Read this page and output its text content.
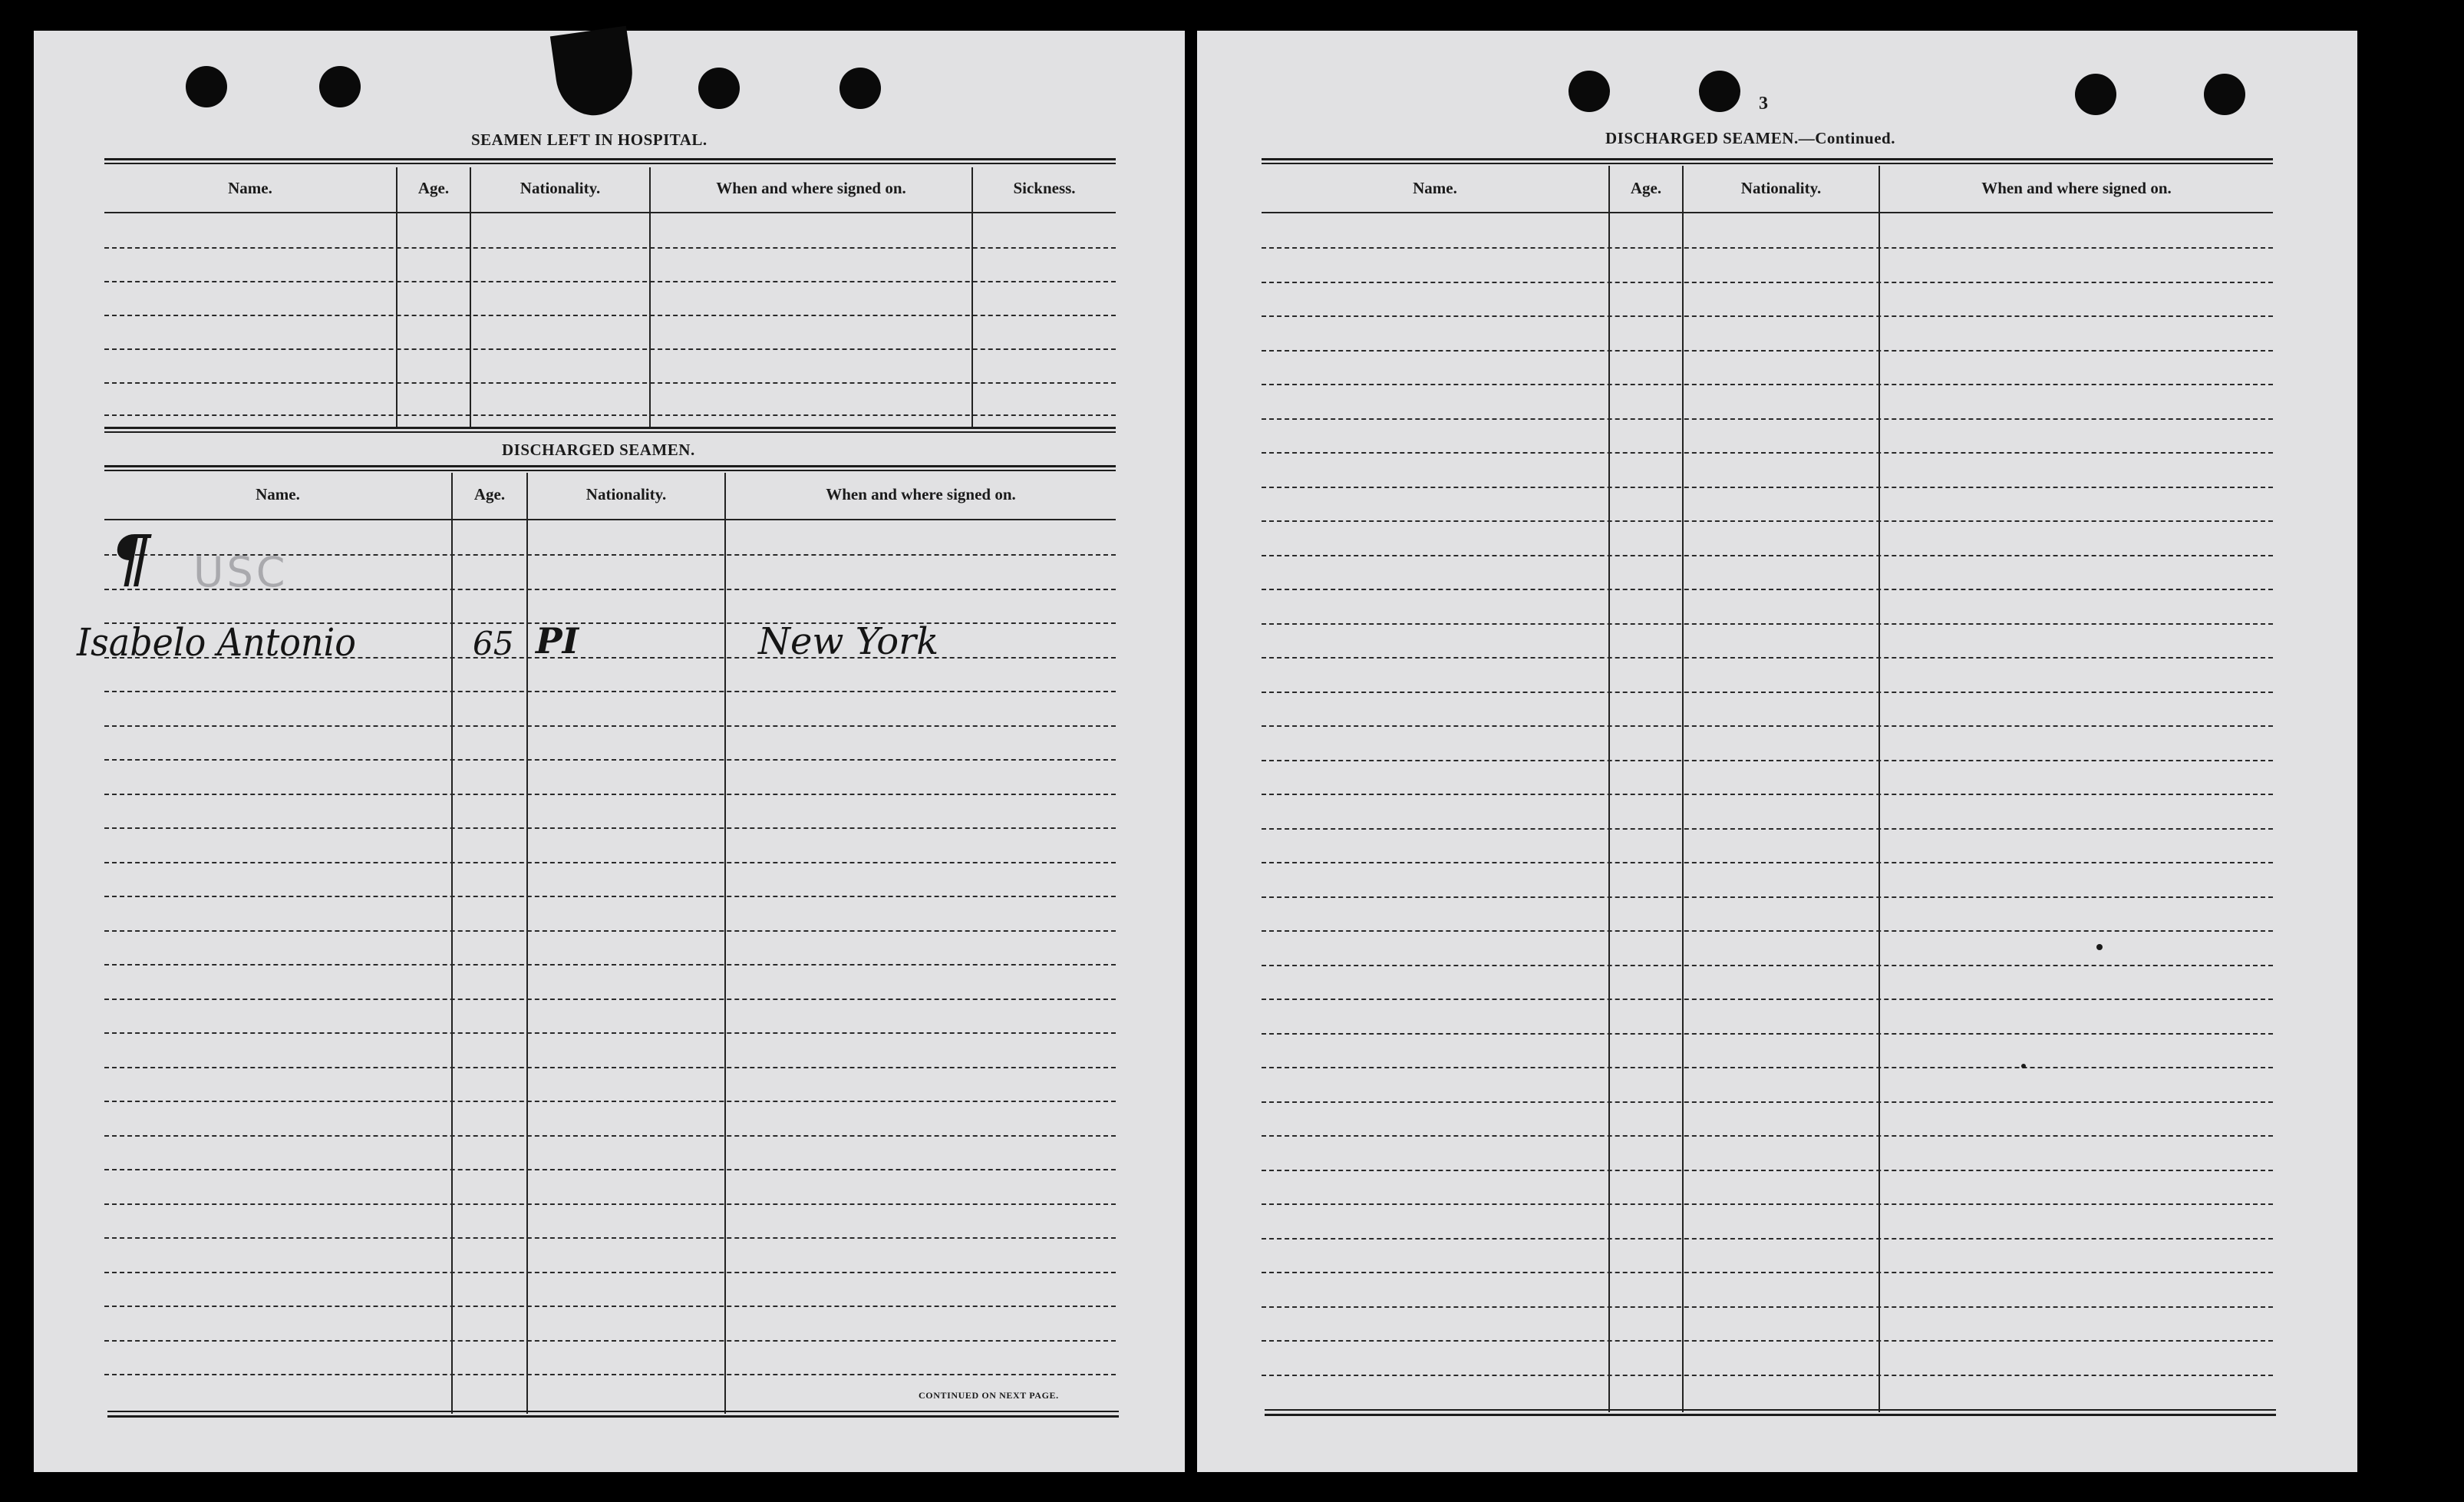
SEAMEN LEFT IN HOSPITAL.
Name.	Age.	Nationality.	When and where signed on.	Sickness.
DISCHARGED SEAMEN.
Name.	Age.	Nationality.	When and where signed on.
¶ USC
Isabelo Antonio	65 PI	New York
CONTINUED ON NEXT PAGE.
3
DISCHARGED SEAMEN.—Continued.
Name.	Age.	Nationality.	When and where signed on.
